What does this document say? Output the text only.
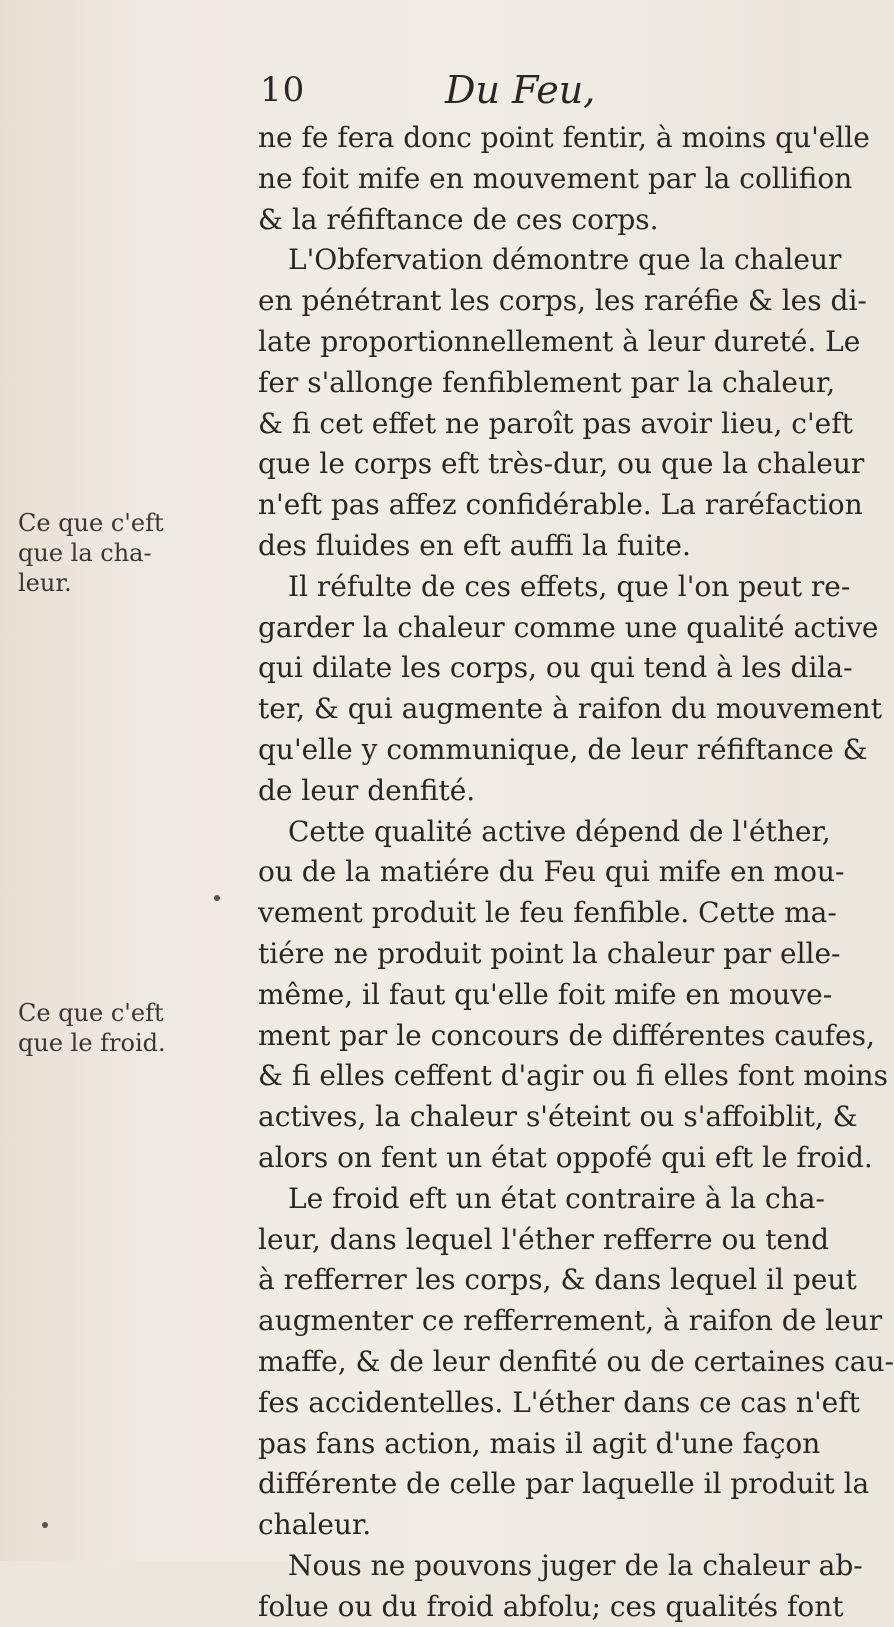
10	Du Feu,
Ce que c'eft
que la cha-
leur.
Ce que c'eft
que le froid.
ne fe fera donc point fentir, à moins qu'elle
ne foit mife en mouvement par la collifion
& la réfiftance de ces corps.
L'Obfervation démontre que la chaleur
en pénétrant les corps, les raréfie & les di-
late proportionnellement à leur dureté. Le
fer s'allonge fenfiblement par la chaleur,
& fi cet effet ne paroît pas avoir lieu, c'eft
que le corps eft très-dur, ou que la chaleur
n'eft pas affez confidérable. La raréfaction
des fluides en eft auffi la fuite.
Il réfulte de ces effets, que l'on peut re-
garder la chaleur comme une qualité active
qui dilate les corps, ou qui tend à les dila-
ter, & qui augmente à raifon du mouvement
qu'elle y communique, de leur réfiftance &
de leur denfité.
Cette qualité active dépend de l'éther,
ou de la matiére du Feu qui mife en mou-
vement produit le feu fenfible. Cette ma-
tiére ne produit point la chaleur par elle-
même, il faut qu'elle foit mife en mouve-
ment par le concours de différentes caufes,
& fi elles ceffent d'agir ou fi elles font moins
actives, la chaleur s'éteint ou s'affoiblit, &
alors on fent un état oppofé qui eft le froid.
Le froid eft un état contraire à la cha-
leur, dans lequel l'éther refferre ou tend
à refferrer les corps, & dans lequel il peut
augmenter ce refferrement, à raifon de leur
maffe, & de leur denfité ou de certaines cau-
fes accidentelles. L'éther dans ce cas n'eft
pas fans action, mais il agit d'une façon
différente de celle par laquelle il produit la
chaleur.
Nous ne pouvons juger de la chaleur ab-
folue ou du froid abfolu; ces qualités font
